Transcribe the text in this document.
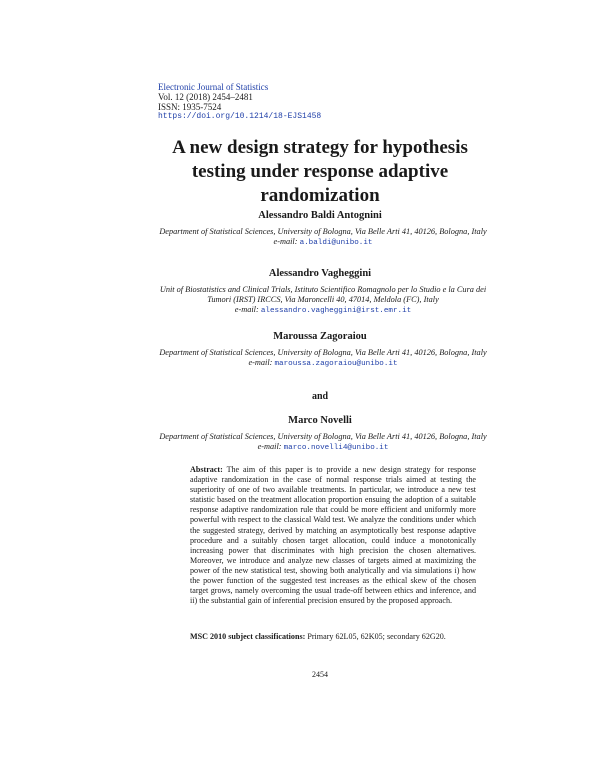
Electronic Journal of Statistics
Vol. 12 (2018) 2454–2481
ISSN: 1935-7524
https://doi.org/10.1214/18-EJS1458
A new design strategy for hypothesis testing under response adaptive randomization
Alessandro Baldi Antognini
Department of Statistical Sciences, University of Bologna, Via Belle Arti 41, 40126, Bologna, Italy
e-mail: a.baldi@unibo.it
Alessandro Vagheggini
Unit of Biostatistics and Clinical Trials, Istituto Scientifico Romagnolo per lo Studio e la Cura dei Tumori (IRST) IRCCS, Via Maroncelli 40, 47014, Meldola (FC), Italy
e-mail: alessandro.vagheggini@irst.emr.it
Maroussa Zagoraiou
Department of Statistical Sciences, University of Bologna, Via Belle Arti 41, 40126, Bologna, Italy
e-mail: maroussa.zagoraiou@unibo.it
and
Marco Novelli
Department of Statistical Sciences, University of Bologna, Via Belle Arti 41, 40126, Bologna, Italy
e-mail: marco.novelli4@unibo.it

Abstract: The aim of this paper is to provide a new design strategy for response adaptive randomization in the case of normal response trials aimed at testing the superiority of one of two available treatments. In particular, we introduce a new test statistic based on the treatment allocation proportion ensuing the adoption of a suitable response adaptive randomization rule that could be more efficient and uniformly more powerful with respect to the classical Wald test. We analyze the conditions under which the suggested strategy, derived by matching an asymptotically best response adaptive procedure and a suitably chosen target allocation, could induce a monotonically increasing power that discriminates with high precision the chosen alternatives. Moreover, we introduce and analyze new classes of targets aimed at maximizing the power of the new statistical test, showing both analytically and via simulations i) how the power function of the suggested test increases as the ethical skew of the chosen target grows, namely overcoming the usual trade-off between ethics and inference, and ii) the substantial gain of inferential precision ensured by the proposed approach.

MSC 2010 subject classifications: Primary 62L05, 62K05; secondary 62G20.

2454
